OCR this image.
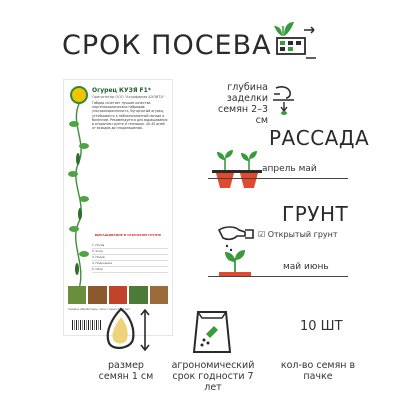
СРОК ПОСЕВА
Огурец КУЗЯ F1*
Оригинатор ООО "Агрофирма АЭЛИТА"
Гибрид сочетает лучшие качества партенокарпических гибридов: ультраскороспелость, бугорчатый огурец, устойчивость к неблагоприятной погоде и болезням. Рекомендуется для выращивания в открытом грунте и теплицах. 40-45 дней от всходов до плодоношения.
ВЫРАЩИВАНИЕ В ОТКРЫТОМ ГРУНТЕ
1. Посев
2. Уход
3. Полив
4. Подкормка
5. Сбор
Семена обработаны. Срок годности 7 лет.
глубина заделки семян 2–3 см
РАССАДА
апрель май
ГРУНТ
☑ Открытый грунт
май июнь
размер семян 1 см
агрономический срок годности 7 лет
10 ШТ
кол-во семян в пачке
